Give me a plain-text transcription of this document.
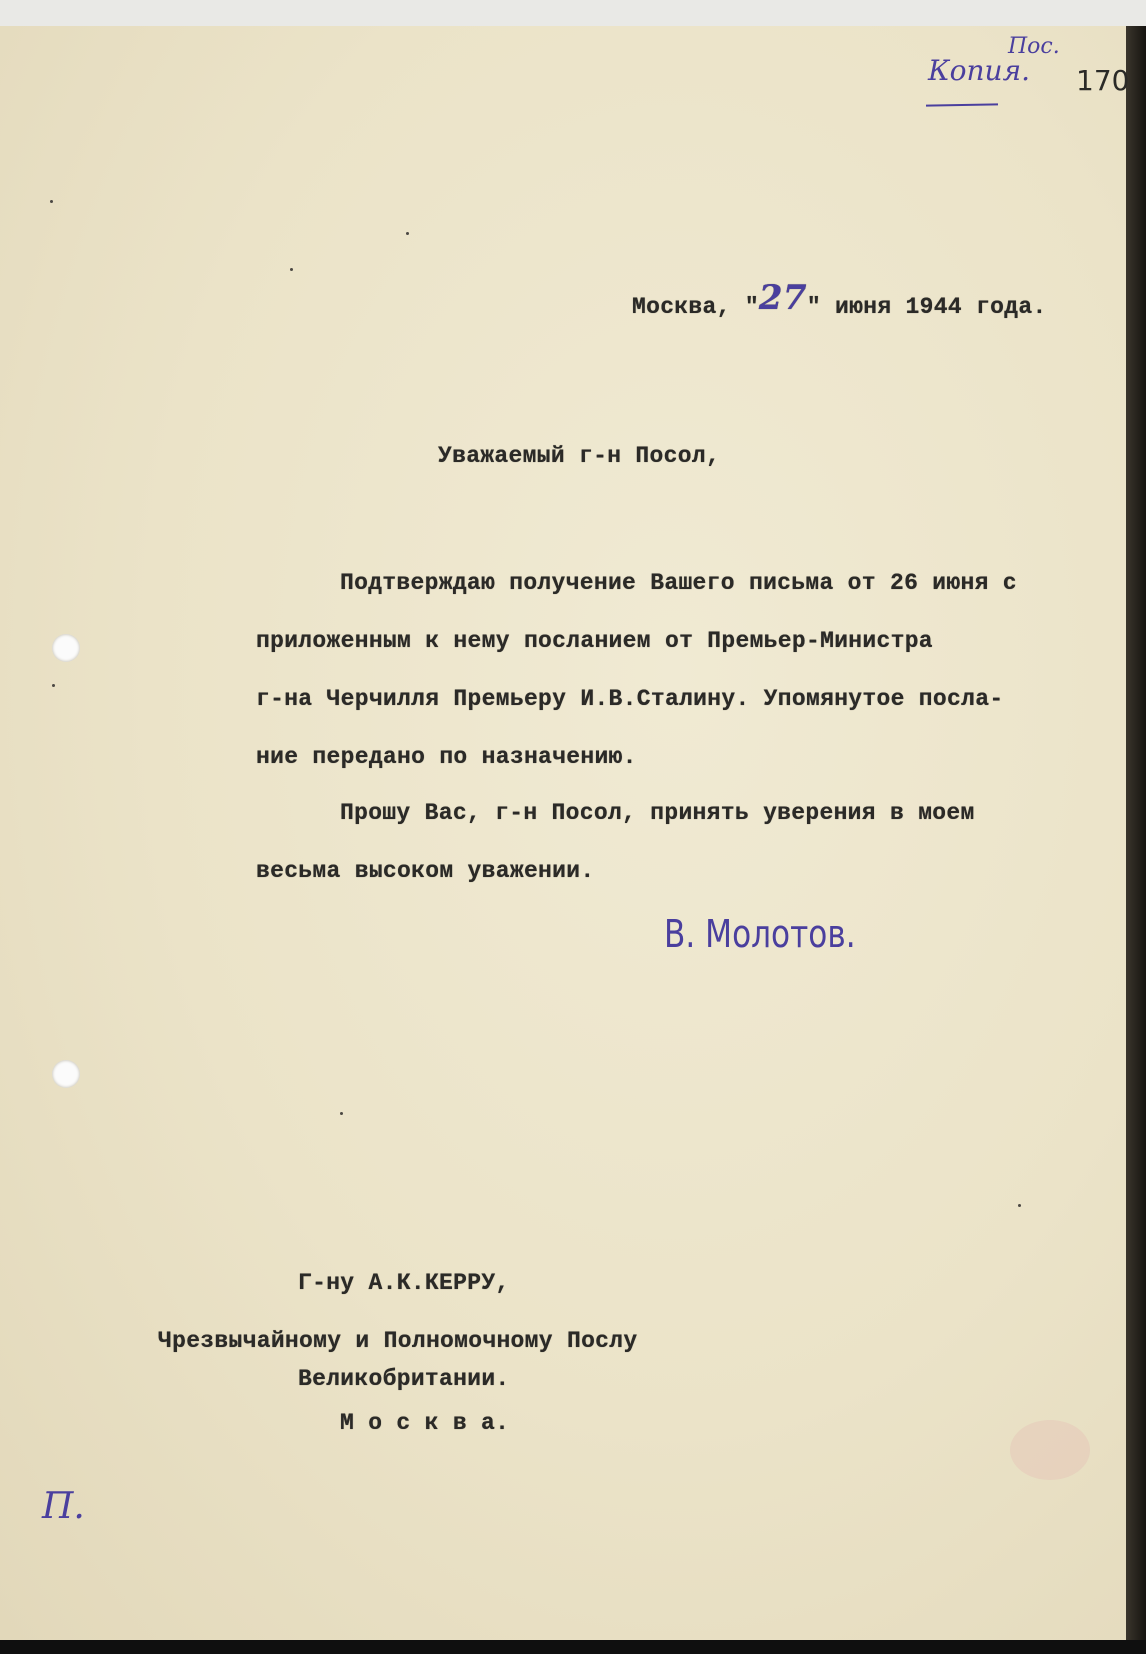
Копия.
Пос.
170
П.
Москва, "27" июня 1944 года.
Уважаемый г-н Посол,
Подтверждаю получение Вашего письма от 26 июня с
приложенным к нему посланием от Премьер-Министра
г-на Черчилля Премьеру И.В.Сталину. Упомянутое посла-
ние передано по назначению.
Прошу Вас, г-н Посол, принять уверения в моем
весьма высоком уважении.
В. Молотов.
Г-ну А.К.КЕРРУ,
Чрезвычайному и Полномочному Послу
Великобритании.
М о с к в а.
